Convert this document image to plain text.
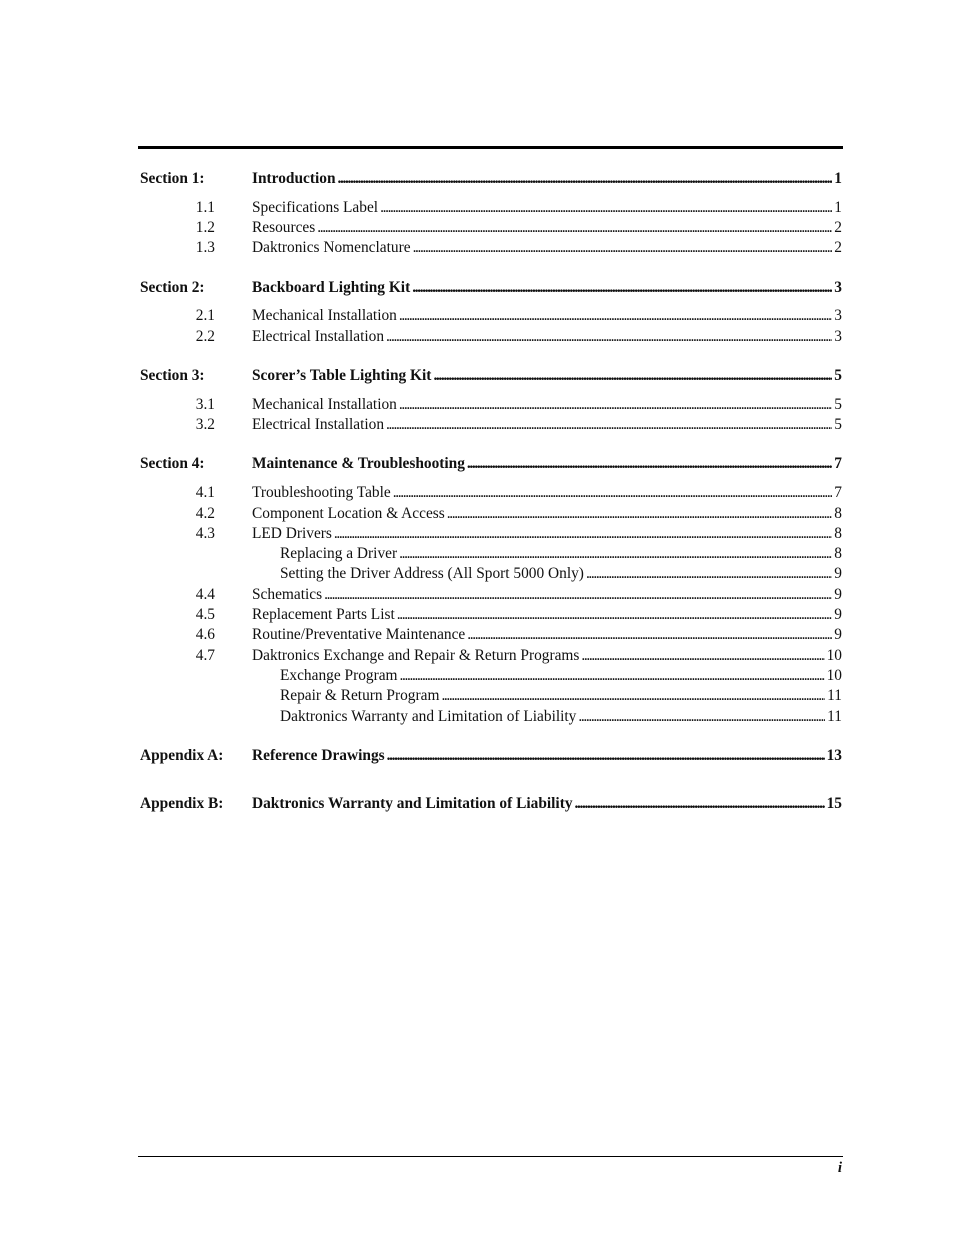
Section 1:	Introduction . . .	1
1.1 Specifications Label . . .	1
1.2 Resources . . .	2
1.3 Daktronics Nomenclature . . .	2
Section 2:	Backboard Lighting Kit . . .	3
2.1 Mechanical Installation . . .	3
2.2 Electrical Installation . . .	3
Section 3:	Scorer’s Table Lighting Kit . . .	5
3.1 Mechanical Installation . . .	5
3.2 Electrical Installation . . .	5
Section 4:	Maintenance & Troubleshooting . . .	7
4.1 Troubleshooting Table . . .	7
4.2 Component Location & Access . . .	8
4.3 LED Drivers . . .	8
Replacing a Driver . . .	8
Setting the Driver Address (All Sport 5000 Only) . . .	9
4.4 Schematics . . .	9
4.5 Replacement Parts List . . .	9
4.6 Routine/Preventative Maintenance . . .	9
4.7 Daktronics Exchange and Repair & Return Programs . . .	10
Exchange Program . . .	10
Repair & Return Program . . .	11
Daktronics Warranty and Limitation of Liability . . .	11
Appendix A: Reference Drawings . . .	13
Appendix B: Daktronics Warranty and Limitation of Liability . . .	15
i
